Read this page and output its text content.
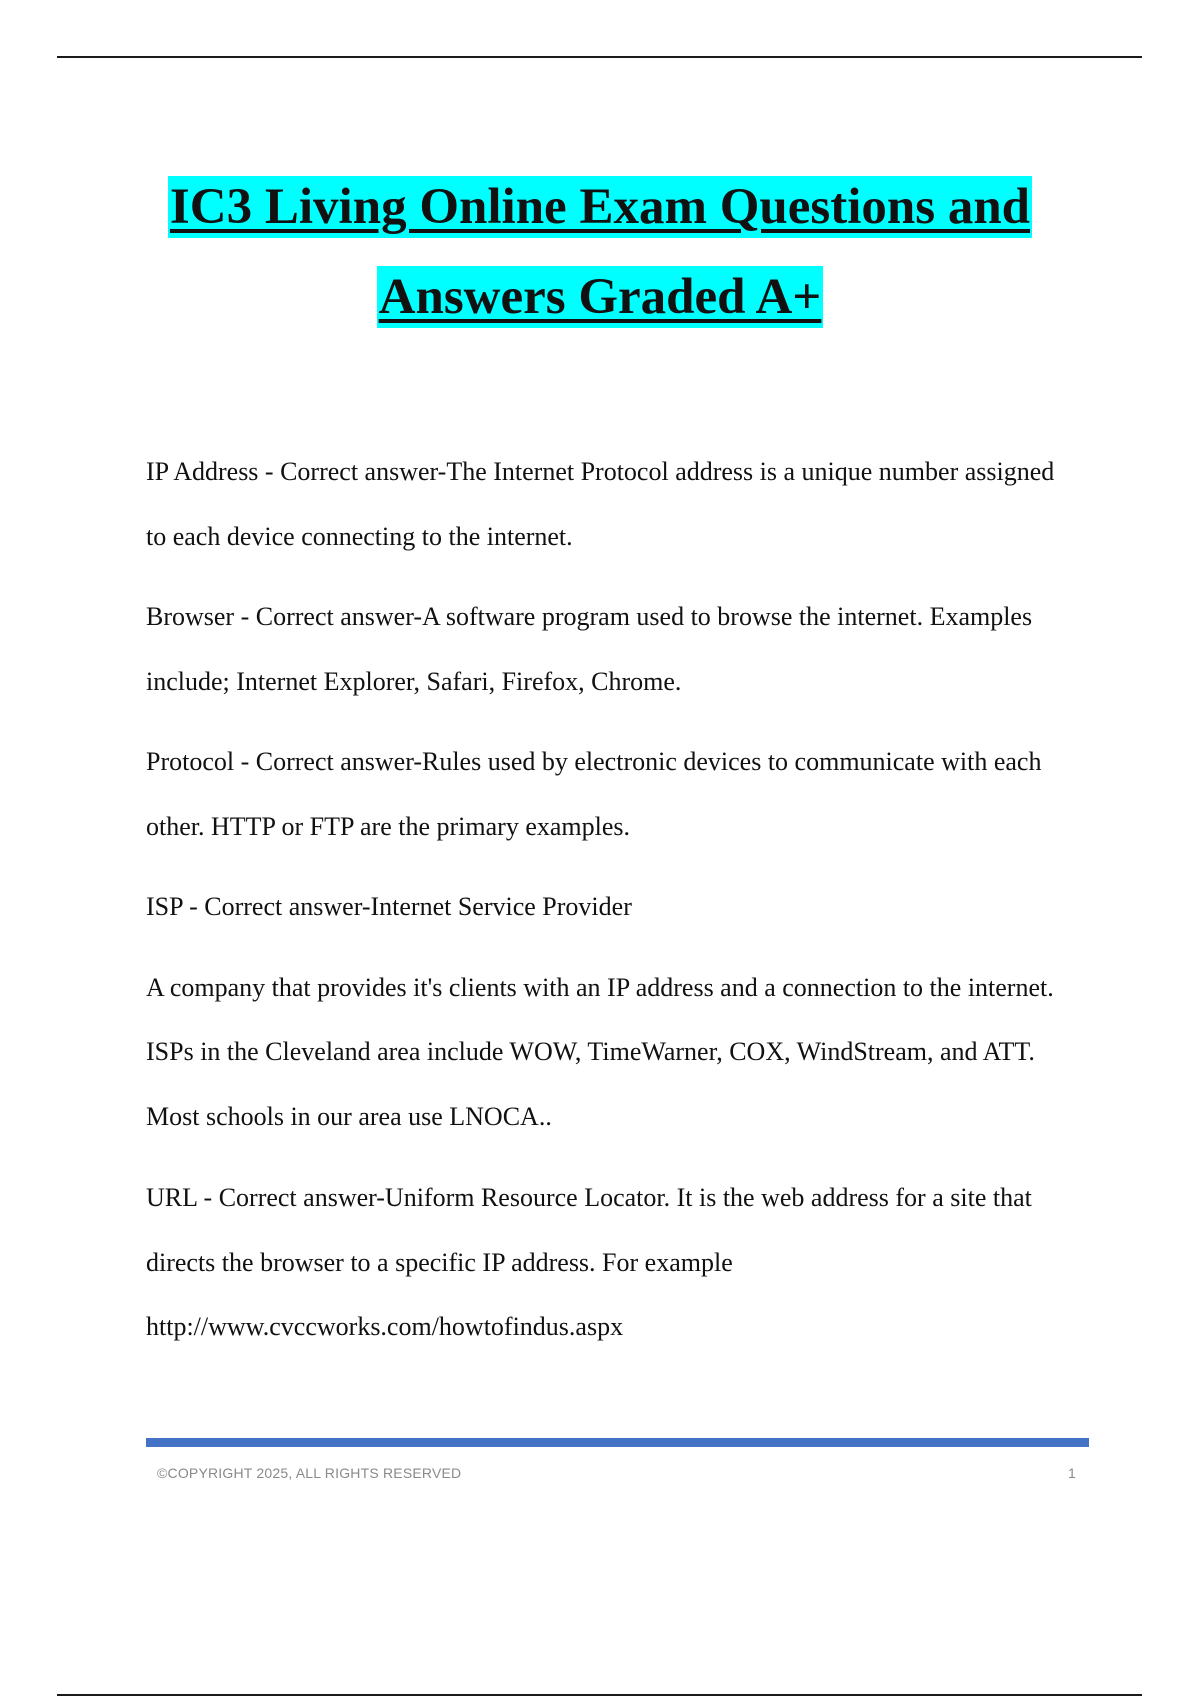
IC3 Living Online Exam Questions and
Answers Graded A+

IP Address - Correct answer-The Internet Protocol address is a unique number assigned to each device connecting to the internet.

Browser - Correct answer-A software program used to browse the internet. Examples include; Internet Explorer, Safari, Firefox, Chrome.

Protocol - Correct answer-Rules used by electronic devices to communicate with each other. HTTP or FTP are the primary examples.

ISP - Correct answer-Internet Service Provider

A company that provides it's clients with an IP address and a connection to the internet. ISPs in the Cleveland area include WOW, TimeWarner, COX, WindStream, and ATT. Most schools in our area use LNOCA..

URL - Correct answer-Uniform Resource Locator. It is the web address for a site that directs the browser to a specific IP address. For example http://www.cvccworks.com/howtofindus.aspx

©COPYRIGHT 2025, ALL RIGHTS RESERVED	1
